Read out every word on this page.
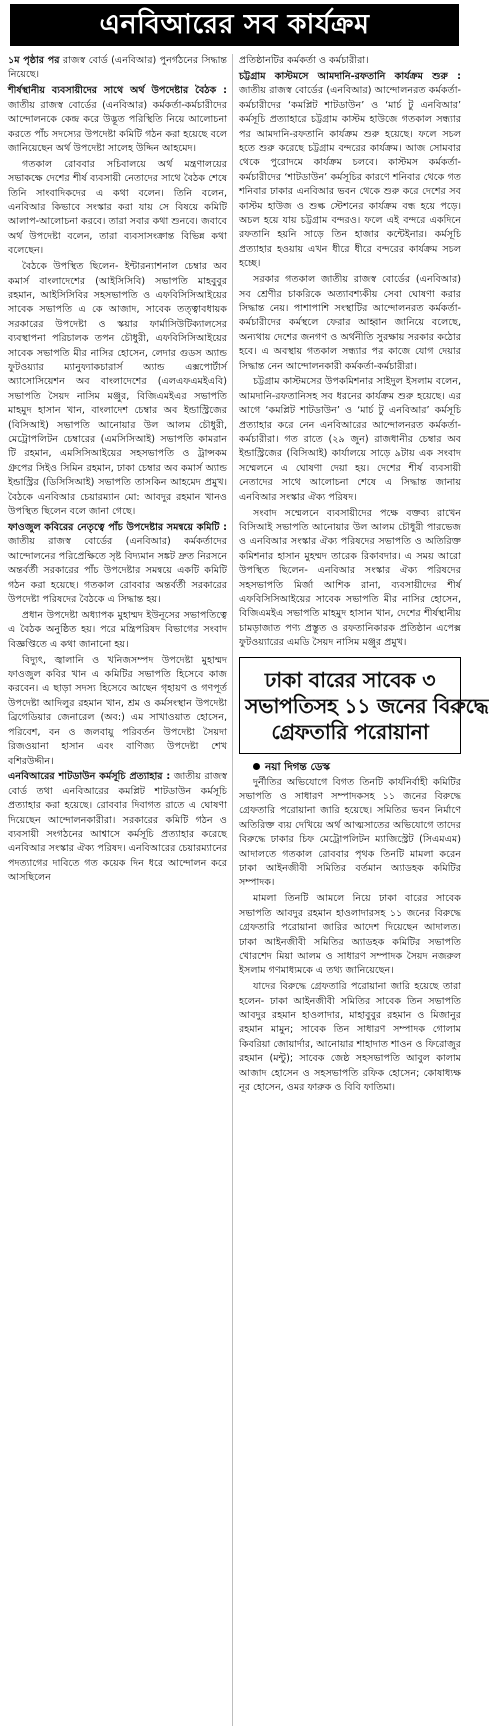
এনবিআরের সব কার্যক্রম

১ম পৃষ্ঠার পর রাজস্ব বোর্ড (এনবিআর) পুনর্গঠনের সিদ্ধান্ত নিয়েছে।

শীর্ষস্থানীয় ব্যবসায়ীদের সাথে অর্থ উপদেষ্টার বৈঠক : জাতীয় রাজস্ব বোর্ডের (এনবিআর) কর্মকর্তা-কর্মচারীদের আন্দোলনকে কেন্দ্র করে উদ্ভূত পরিস্থিতি নিয়ে আলোচনা করতে পাঁচ সদস্যের উপদেষ্টা কমিটি গঠন করা হয়েছে বলে জানিয়েছেন অর্থ উপদেষ্টা সালেহ উদ্দিন আহমেদ।

গতকাল রোববার সচিবালয়ে অর্থ মন্ত্রণালয়ের সভাকক্ষে দেশের শীর্ষ ব্যবসায়ী নেতাদের সাথে বৈঠক শেষে তিনি সাংবাদিকদের এ কথা বলেন। তিনি বলেন, এনবিআর কিভাবে সংস্কার করা যায় সে বিষয়ে কমিটি আলাপ-আলোচনা করবে। তারা সবার কথা শুনবে। জবাবে অর্থ উপদেষ্টা বলেন, তারা ব্যবসাসংক্রান্ত বিভিন্ন কথা বলেছেন।

বৈঠকে উপস্থিত ছিলেন- ইন্টারন্যাশনাল চেম্বার অব কমার্স বাংলাদেশের (আইসিসিবি) সভাপতি মাহবুবুর রহমান, আইসিসিবির সহসভাপতি ও এফবিসিসিআইয়ের সাবেক সভাপতি এ কে আজাদ, সাবেক তত্ত্বাবধায়ক সরকারের উপদেষ্টা ও স্কয়ার ফার্মাসিউটিক্যালসের ব্যবস্থাপনা পরিচালক তপন চৌধুরী, এফবিসিসিআইয়ের সাবেক সভাপতি মীর নাসির হোসেন, লেদার গুডস অ্যান্ড ফুটওয়্যার ম্যানুফ্যাকচারার্স অ্যান্ড এক্সপোর্টার্স অ্যাসোসিয়েশন অব বাংলাদেশের (এলএফএমইএবি) সভাপতি সৈয়দ নাসিম মঞ্জুর, বিজিএমইএর সভাপতি মাহমুদ হাসান খান, বাংলাদেশ চেম্বার অব ইন্ডাস্ট্রিজের (বিসিআই) সভাপতি আনোয়ার উল আলম চৌধুরী, মেট্রোপলিটন চেম্বারের (এমসিসিআই) সভাপতি কামরান টি রহমান, এমসিসিআইয়ের সহসভাপতি ও ট্রান্সকম গ্রুপের সিইও সিমিন রহমান, ঢাকা চেম্বার অব কমার্স অ্যান্ড ইন্ডাস্ট্রির (ডিসিসিআই) সভাপতি তাসকিন আহমেদ প্রমুখ। বৈঠকে এনবিআর চেয়ারম্যান মো: আবদুর রহমান খানও উপস্থিত ছিলেন বলে জানা গেছে।

ফাওজুল কবিরের নেতৃত্বে পাঁচ উপদেষ্টার সমন্বয়ে কমিটি : জাতীয় রাজস্ব বোর্ডের (এনবিআর) কর্মকর্তাদের আন্দোলনের পরিপ্রেক্ষিতে সৃষ্ট বিদ্যমান সঙ্কট দ্রুত নিরসনে অন্তর্বর্তী সরকারের পাঁচ উপদেষ্টার সমন্বয়ে একটি কমিটি গঠন করা হয়েছে। গতকাল রোববার অন্তর্বর্তী সরকারের উপদেষ্টা পরিষদের বৈঠকে এ সিদ্ধান্ত হয়।

প্রধান উপদেষ্টা অধ্যাপক মুহাম্মদ ইউনূসের সভাপতিত্বে এ বৈঠক অনুষ্ঠিত হয়। পরে মন্ত্রিপরিষদ বিভাগের সংবাদ বিজ্ঞপ্তিতে এ কথা জানানো হয়।

বিদ্যুৎ, জ্বালানি ও খনিজসম্পদ উপদেষ্টা মুহাম্মদ ফাওজুল কবির খান এ কমিটির সভাপতি হিসেবে কাজ করবেন। এ ছাড়া সদস্য হিসেবে আছেন গৃহায়ণ ও গণপূর্ত উপদেষ্টা আদিলুর রহমান খান, শ্রম ও কর্মসংস্থান উপদেষ্টা ব্রিগেডিয়ার জেনারেল (অব:) এম সাখাওয়াত হোসেন, পরিবেশ, বন ও জলবায়ু পরিবর্তন উপদেষ্টা সৈয়দা রিজওয়ানা হাসান এবং বাণিজ্য উপদেষ্টা শেখ বশিরউদ্দীন।

এনবিআরের শাটডাউন কর্মসূচি প্রত্যাহার : জাতীয় রাজস্ব বোর্ড তথা এনবিআরের কমপ্লিট শাটডাউন কর্মসূচি প্রত্যাহার করা হয়েছে। রোববার দিবাগত রাতে এ ঘোষণা দিয়েছেন আন্দোলনকারীরা। সরকারের কমিটি গঠন ও ব্যবসায়ী সংগঠনের আশ্বাসে কর্মসূচি প্রত্যাহার করেছে এনবিআর সংস্কার ঐক্য পরিষদ। এনবিআরের চেয়ারম্যানের পদত্যাগের দাবিতে গত কয়েক দিন ধরে আন্দোলন করে আসছিলেন

প্রতিষ্ঠানটির কর্মকর্তা ও কর্মচারীরা।

চট্টগ্রাম কাস্টমসে আমদানি-রফতানি কার্যক্রম শুরু : জাতীয় রাজস্ব বোর্ডের (এনবিআর) আন্দোলনরত কর্মকর্তা-কর্মচারীদের ‘কমপ্লিট শাটডাউন’ ও ‘মার্চ টু এনবিআর’ কর্মসূচি প্রত্যাহারে চট্টগ্রাম কাস্টম হাউজে গতকাল সন্ধ্যার পর আমদানি-রফতানি কার্যক্রম শুরু হয়েছে। ফলে সচল হতে শুরু করেছে চট্টগ্রাম বন্দরের কার্যক্রম। আজ সোমবার থেকে পুরোদমে কার্যক্রম চলবে। কাস্টমস কর্মকর্তা-কর্মচারীদের ‘শাটডাউন’ কর্মসূচির কারণে শনিবার থেকে গত শনিবার ঢাকার এনবিআর ভবন থেকে শুরু করে দেশের সব কাস্টম হাউজ ও শুল্ক স্টেশনের কার্যক্রম বন্ধ হয়ে পড়ে। অচল হয়ে যায় চট্টগ্রাম বন্দরও। ফলে এই বন্দরে একদিনে রফতানি হয়নি সাড়ে তিন হাজার কন্টেইনার। কর্মসূচি প্রত্যাহার হওয়ায় এখন ধীরে ধীরে বন্দরের কার্যক্রম সচল হচ্ছে।

সরকার গতকাল জাতীয় রাজস্ব বোর্ডের (এনবিআর) সব শ্রেণীর চাকরিকে অত্যাবশ্যকীয় সেবা ঘোষণা করার সিদ্ধান্ত নেয়। পাশাপাশি সংস্থাটির আন্দোলনরত কর্মকর্তা-কর্মচারীদের কর্মস্থলে ফেরার আহ্বান জানিয়ে বলেছে, অন্যথায় দেশের জনগণ ও অর্থনীতি সুরক্ষায় সরকার কঠোর হবে। এ অবস্থায় গতকাল সন্ধ্যার পর কাজে যোগ দেয়ার সিদ্ধান্ত নেন আন্দোলনকারী কর্মকর্তা-কর্মচারীরা।

চট্টগ্রাম কাস্টমসের উপকমিশনার সাইদুল ইসলাম বলেন, আমদানি-রফতানিসহ সব ধরনের কার্যক্রম শুরু হয়েছে। এর আগে ‘কমপ্লিট শাটডাউন’ ও ‘মার্চ টু এনবিআর’ কর্মসূচি প্রত্যাহার করে নেন এনবিআরের আন্দোলনরত কর্মকর্তা-কর্মচারীরা। গত রাতে (২৯ জুন) রাজধানীর চেম্বার অব ইন্ডাস্ট্রিজের (বিসিআই) কার্যালয়ে সাড়ে ৯টায় এক সংবাদ সম্মেলনে এ ঘোষণা দেয়া হয়। দেশের শীর্ষ ব্যবসায়ী নেতাদের সাথে আলোচনা শেষে এ সিদ্ধান্ত জানায় এনবিআর সংস্কার ঐক্য পরিষদ।

সংবাদ সম্মেলনে ব্যবসায়ীদের পক্ষে বক্তব্য রাখেন বিসিআই সভাপতি আনোয়ার উল আলম চৌধুরী পারভেজ ও এনবিআর সংস্কার ঐক্য পরিষদের সভাপতি ও অতিরিক্ত কমিশনার হাসান মুহম্মদ তারেক রিকাবদার। এ সময় আরো উপস্থিত ছিলেন- এনবিআর সংস্কার ঐক্য পরিষদের সহসভাপতি মির্জা আশিক রানা, ব্যবসায়ীদের শীর্ষ এফবিসিসিআইয়ের সাবেক সভাপতি মীর নাসির হোসেন, বিজিএমইএ সভাপতি মাহমুদ হাসান খান, দেশের শীর্ষস্থানীয় চামড়াজাত পণ্য প্রস্তুত ও রফতানিকারক প্রতিষ্ঠান এপেক্স ফুটওয়্যারের এমডি সৈয়দ নাসিম মঞ্জুর প্রমুখ।

ঢাকা বারের সাবেক ৩
সভাপতিসহ ১১ জনের বিরুদ্ধে
গ্রেফতারি পরোয়ানা

নয়া দিগন্ত ডেস্ক

দুর্নীতির অভিযোগে বিগত তিনটি কার্যনির্বাহী কমিটির সভাপতি ও সাধারণ সম্পাদকসহ ১১ জনের বিরুদ্ধে গ্রেফতারি পরোয়ানা জারি হয়েছে। সমিতির ভবন নির্মাণে অতিরিক্ত ব্যয় দেখিয়ে অর্থ আত্মসাতের অভিযোগে তাদের বিরুদ্ধে ঢাকার চিফ মেট্রোপলিটন ম্যাজিস্ট্রেট (সিএমএম) আদালতে গতকাল রোববার পৃথক তিনটি মামলা করেন ঢাকা আইনজীবী সমিতির বর্তমান অ্যাডহক কমিটির সম্পাদক।

মামলা তিনটি আমলে নিয়ে ঢাকা বারের সাবেক সভাপতি আবদুর রহমান হাওলাদারসহ ১১ জনের বিরুদ্ধে গ্রেফতারি পরোয়ানা জারির আদেশ দিয়েছেন আদালত। ঢাকা আইনজীবী সমিতির অ্যাডহক কমিটির সভাপতি খোরশেদ মিয়া আলম ও সাধারণ সম্পাদক সৈয়দ নজরুল ইসলাম গণমাধ্যমকে এ তথ্য জানিয়েছেন।

যাদের বিরুদ্ধে গ্রেফতারি পরোয়ানা জারি হয়েছে তারা হলেন- ঢাকা আইনজীবী সমিতির সাবেক তিন সভাপতি আবদুর রহমান হাওলাদার, মাহাবুবুর রহমান ও মিজানুর রহমান মামুন; সাবেক তিন সাধারণ সম্পাদক গোলাম কিবরিয়া জোয়ার্দার, আনোয়ার শাহাদাত শাওন ও ফিরোজুর রহমান (মন্টু); সাবেক জেষ্ঠ সহসভাপতি আবুল কালাম আজাদ হোসেন ও সহসভাপতি রফিক হোসেন; কোষাধ্যক্ষ নূর হোসেন, ওমর ফারুক ও বিবি ফাতিমা।
